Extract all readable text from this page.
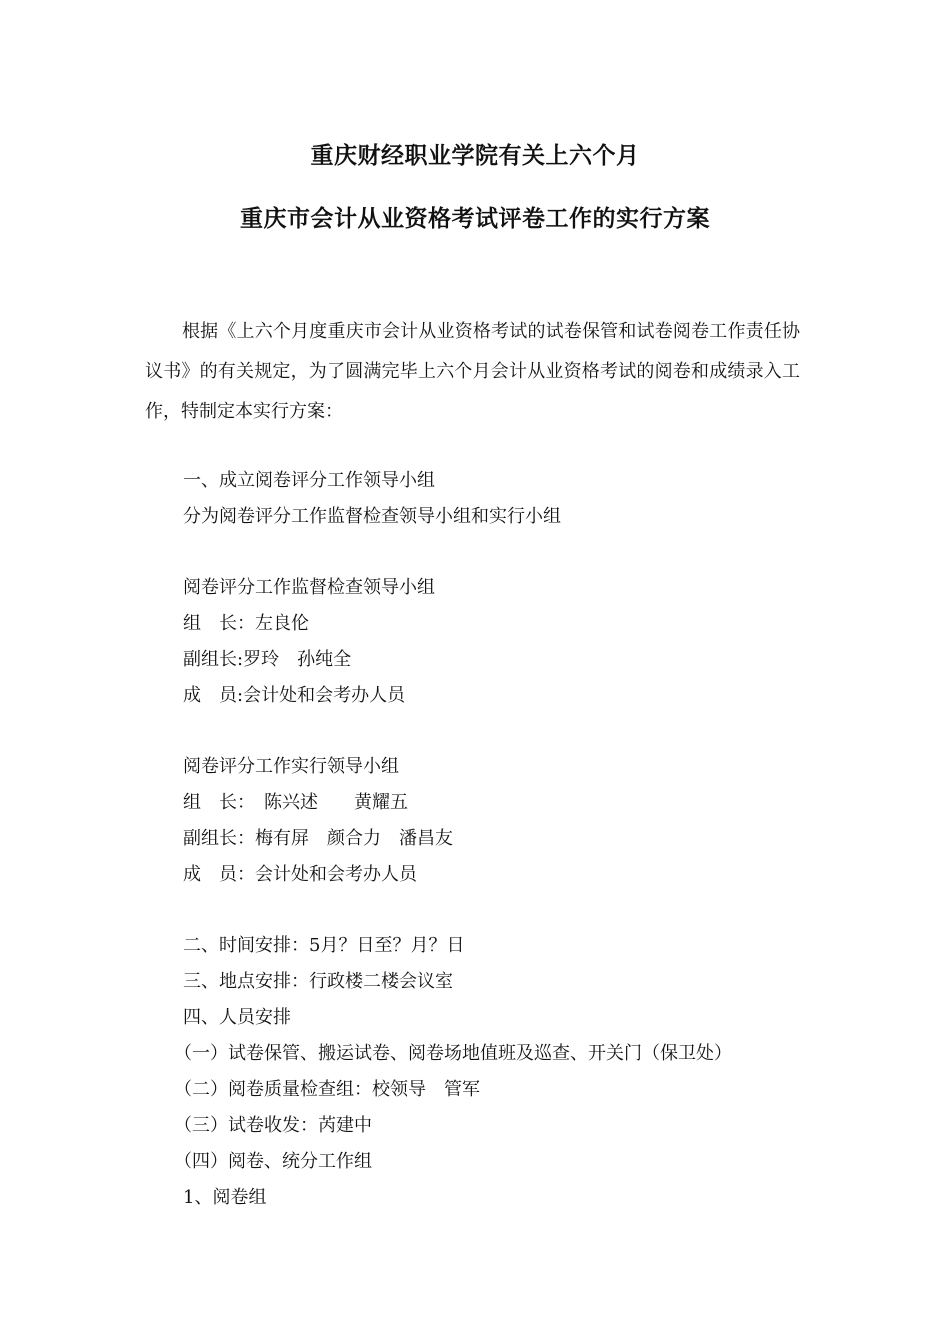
重庆财经职业学院有关上六个月
重庆市会计从业资格考试评卷工作的实行方案
根据《上六个月度重庆市会计从业资格考试的试卷保管和试卷阅卷工作责任协议书》的有关规定，为了圆满完毕上六个月会计从业资格考试的阅卷和成绩录入工作，特制定本实行方案：
一、成立阅卷评分工作领导小组
分为阅卷评分工作监督检查领导小组和实行小组
阅卷评分工作监督检查领导小组
组　长：左良伦
副组长:罗玲　孙纯全
成　员:会计处和会考办人员
阅卷评分工作实行领导小组
组　长：　陈兴述　　黄耀五
副组长：梅有屏　颜合力　潘昌友
成　员：会计处和会考办人员
二、时间安排：5月？日至？月？日
三、地点安排：行政楼二楼会议室
四、人员安排
（一）试卷保管、搬运试卷、阅卷场地值班及巡查、开关门（保卫处）
（二）阅卷质量检查组：校领导　管军
（三）试卷收发：芮建中
（四）阅卷、统分工作组
1、阅卷组
